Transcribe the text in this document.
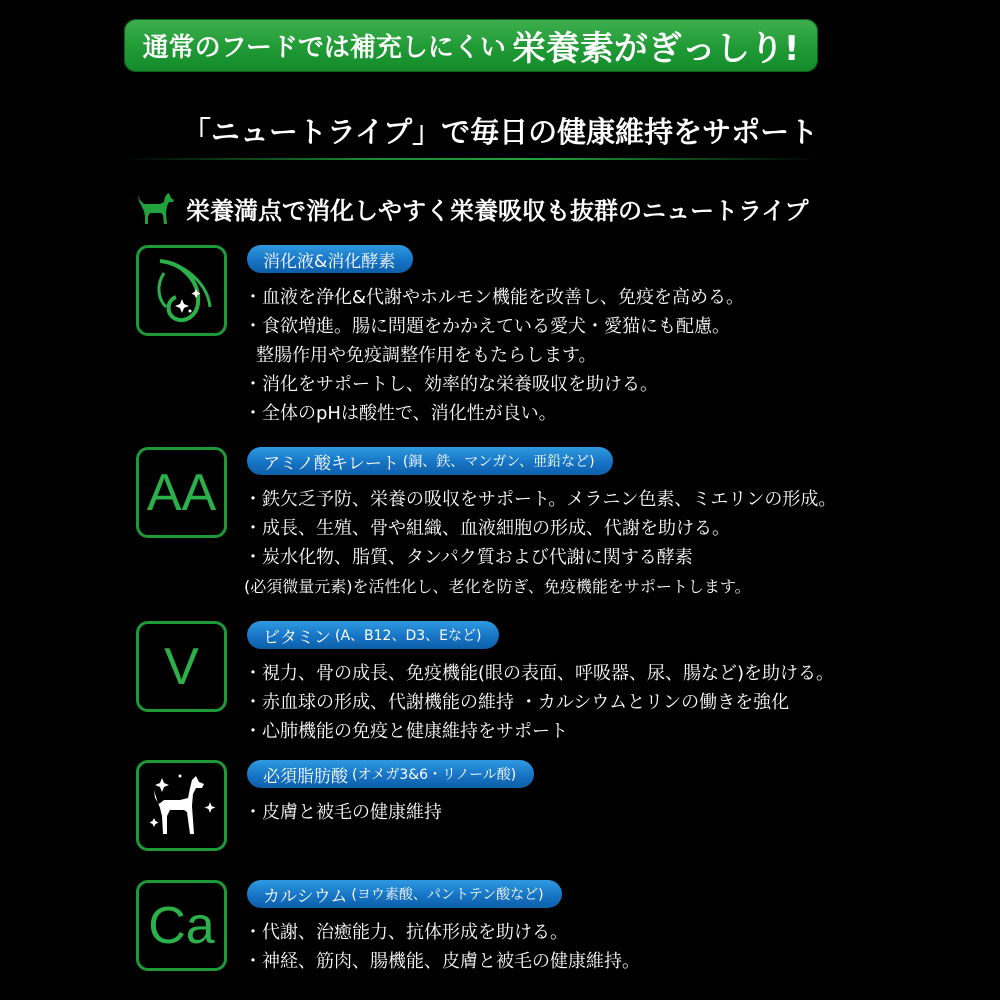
通常のフードでは補充しにくい 栄養素がぎっしり!
「ニュートライプ」で毎日の健康維持をサポート
栄養満点で消化しやすく栄養吸収も抜群のニュートライプ
消化液&消化酵素
・血液を浄化&代謝やホルモン機能を改善し、免疫を高める。
・食欲増進。腸に問題をかかえている愛犬・愛猫にも配慮。
整腸作用や免疫調整作用をもたらします。
・消化をサポートし、効率的な栄養吸収を助ける。
・全体のpHは酸性で、消化性が良い。
AA	アミノ酸キレート (銅、鉄、マンガン、亜鉛など)
・鉄欠乏予防、栄養の吸収をサポート。メラニン色素、ミエリンの形成。
・成長、生殖、骨や組織、血液細胞の形成、代謝を助ける。
・炭水化物、脂質、タンパク質および代謝に関する酵素
(必須微量元素)を活性化し、老化を防ぎ、免疫機能をサポートします。
V	ビタミン (A、B12、D3、Eなど)
・視力、骨の成長、免疫機能(眼の表面、呼吸器、尿、腸など)を助ける。
・赤血球の形成、代謝機能の維持 ・カルシウムとリンの働きを強化
・心肺機能の免疫と健康維持をサポート
必須脂肪酸 (オメガ3&6・リノール酸)
・皮膚と被毛の健康維持
Ca	カルシウム (ヨウ素酸、パントテン酸など)
・代謝、治癒能力、抗体形成を助ける。
・神経、筋肉、腸機能、皮膚と被毛の健康維持。
